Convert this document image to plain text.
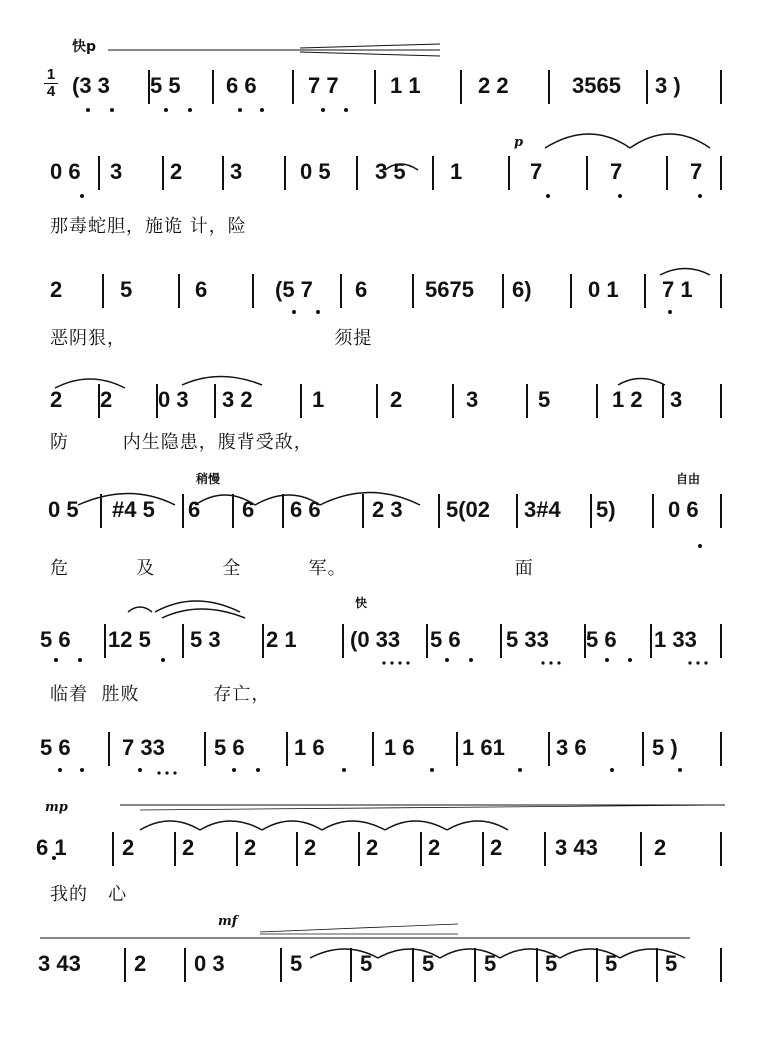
快p
p
稍慢	自由
快
mp
mf
1
4 (3 3	5 5	6 6	7 7	1 1	2 2	3565	3 )
0 6	3	2	3	0 5	3 5	1	7	7	7
那毒蛇胆，施诡 计，险
2	5	6	(5 7	6	5675	6)	0 1	7 1
恶阴狠，                               须提
2	2	0 3	3 2	1	2	3	5	1 2	3
防        内生隐患，腹背受敌，
0 5	#4 5	6	6	6 6	2 3	5(02	3#4	5)	0 6
危          及          全          军。                         面
5 6	12 5	5 3	2 1	(0 33 5 6	5 33	5 6	1 33
临着  胜败           存亡，
5 6	7 33	5 6	1 6	1 6	1 61	3 6	5 )
6 1	2	2	2	2	2	2	2	3 43	2
我的   心
3 43	2	0 3	5	5	5	5	5	5	5
